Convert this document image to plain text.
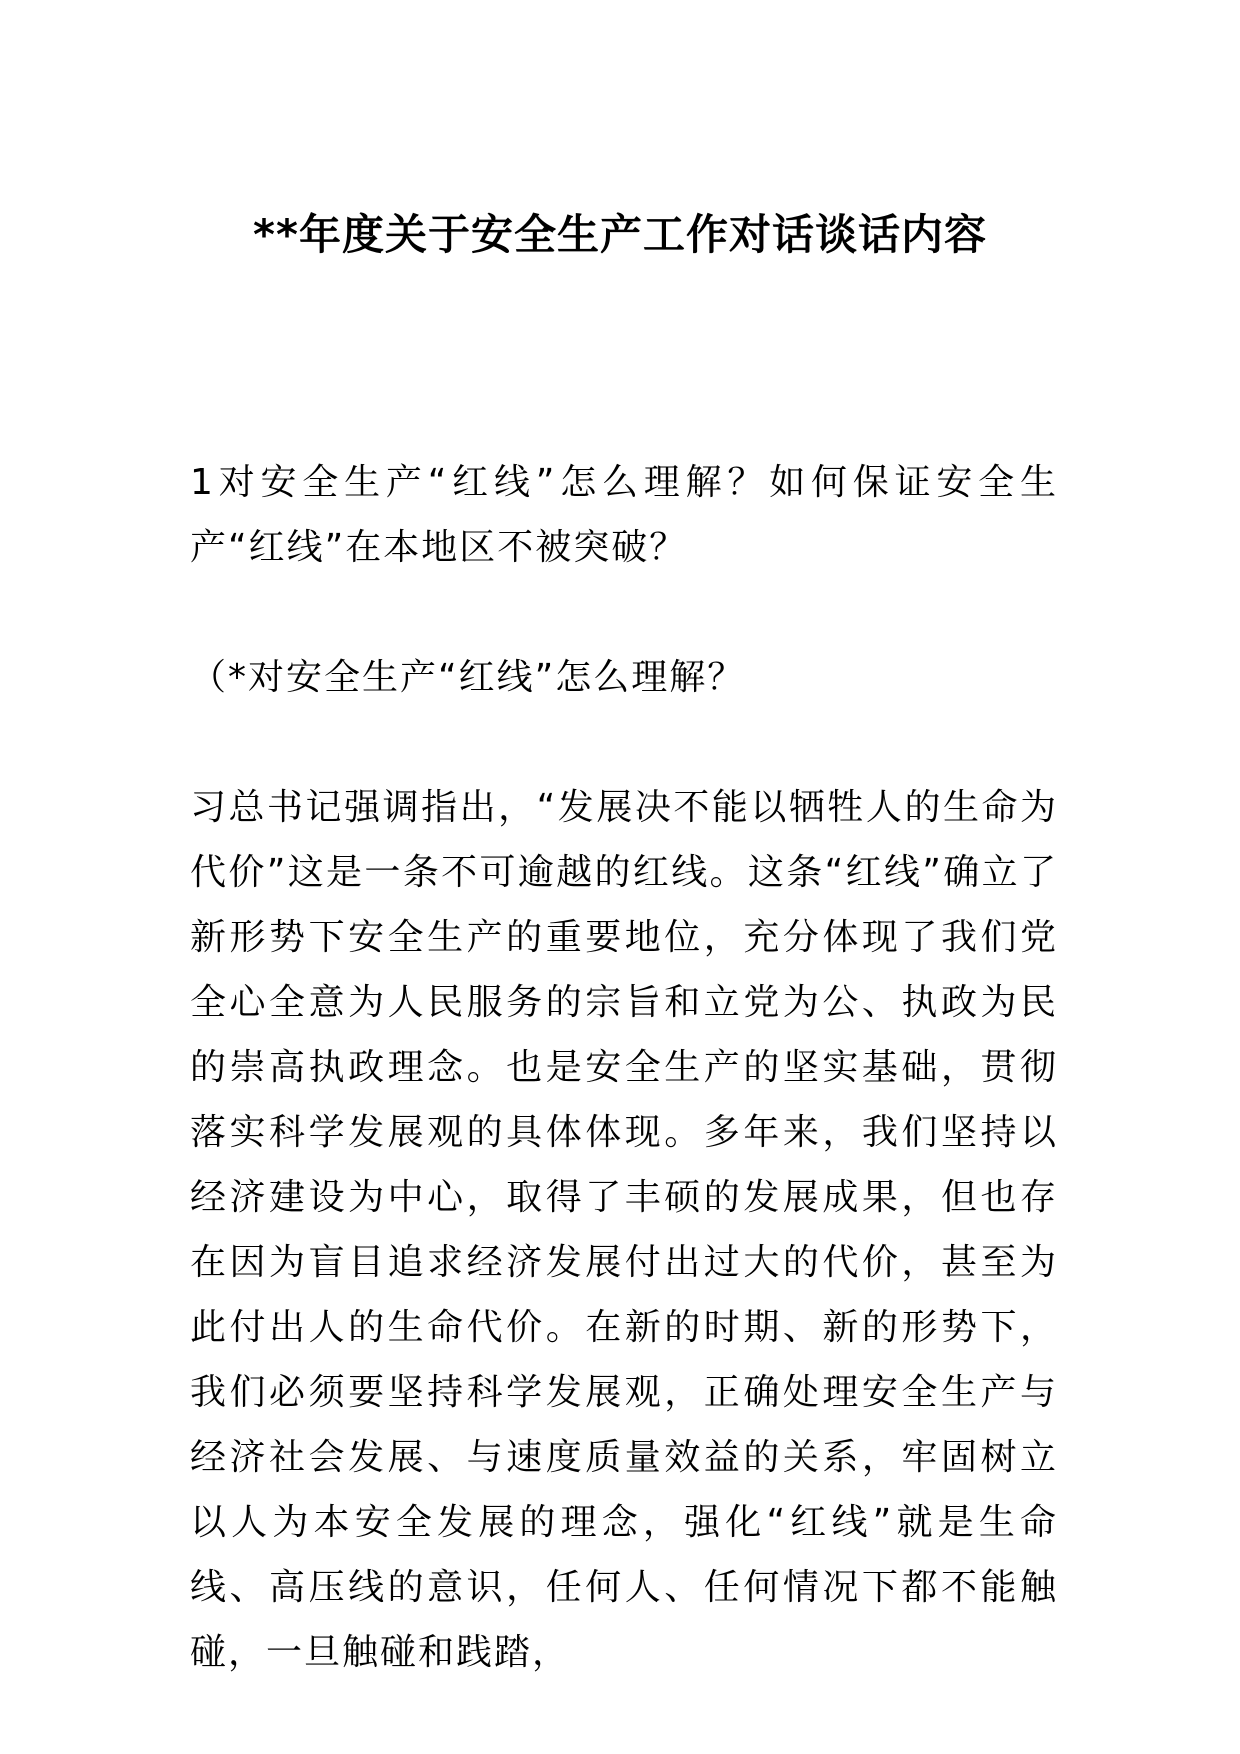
**年度关于安全生产工作对话谈话内容

1对安全生产“红线”怎么理解？如何保证安全生产“红线”在本地区不被突破？

（*对安全生产“红线”怎么理解？

习总书记强调指出，“发展决不能以牺牲人的生命为代价”这是一条不可逾越的红线。这条“红线”确立了新形势下安全生产的重要地位，充分体现了我们党全心全意为人民服务的宗旨和立党为公、执政为民的崇高执政理念。也是安全生产的坚实基础，贯彻落实科学发展观的具体体现。多年来，我们坚持以经济建设为中心，取得了丰硕的发展成果，但也存在因为盲目追求经济发展付出过大的代价，甚至为此付出人的生命代价。在新的时期、新的形势下，我们必须要坚持科学发展观，正确处理安全生产与经济社会发展、与速度质量效益的关系，牢固树立以人为本安全发展的理念，强化“红线”就是生命线、高压线的意识，任何人、任何情况下都不能触碰，一旦触碰和践踏，
